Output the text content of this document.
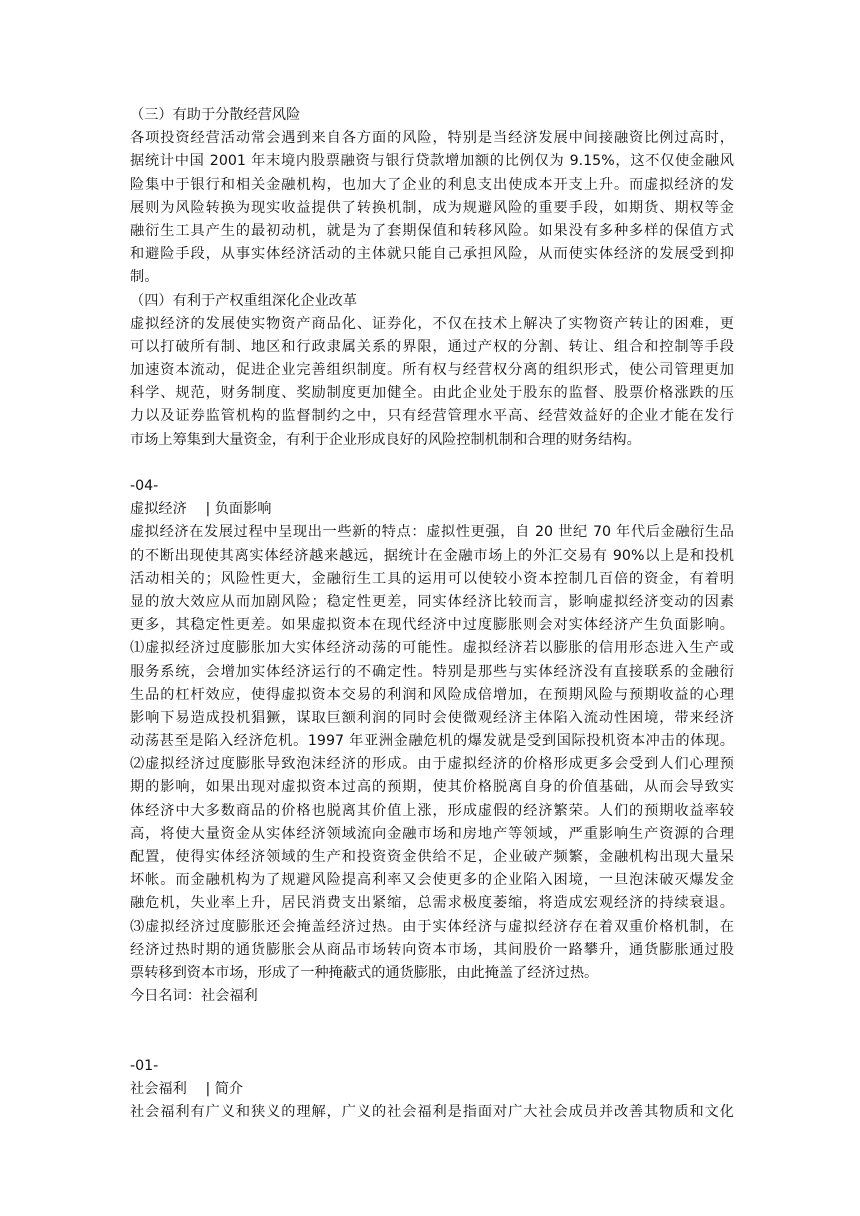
（三）有助于分散经营风险
各项投资经营活动常会遇到来自各方面的风险，特别是当经济发展中间接融资比例过高时，
据统计中国 2001 年末境内股票融资与银行贷款增加额的比例仅为 9.15%，这不仅使金融风
险集中于银行和相关金融机构，也加大了企业的利息支出使成本开支上升。而虚拟经济的发
展则为风险转换为现实收益提供了转换机制，成为规避风险的重要手段，如期货、期权等金
融衍生工具产生的最初动机，就是为了套期保值和转移风险。如果没有多种多样的保值方式
和避险手段，从事实体经济活动的主体就只能自己承担风险，从而使实体经济的发展受到抑
制。
（四）有利于产权重组深化企业改革
虚拟经济的发展使实物资产商品化、证券化，不仅在技术上解决了实物资产转让的困难，更
可以打破所有制、地区和行政隶属关系的界限，通过产权的分割、转让、组合和控制等手段
加速资本流动，促进企业完善组织制度。所有权与经营权分离的组织形式，使公司管理更加
科学、规范，财务制度、奖励制度更加健全。由此企业处于股东的监督、股票价格涨跌的压
力以及证券监管机构的监督制约之中，只有经营管理水平高、经营效益好的企业才能在发行
市场上筹集到大量资金，有利于企业形成良好的风险控制机制和合理的财务结构。
-04-
虚拟经济　 | 负面影响
虚拟经济在发展过程中呈现出一些新的特点：虚拟性更强，自 20 世纪 70 年代后金融衍生品
的不断出现使其离实体经济越来越远，据统计在金融市场上的外汇交易有 90%以上是和投机
活动相关的；风险性更大，金融衍生工具的运用可以使较小资本控制几百倍的资金，有着明
显的放大效应从而加剧风险；稳定性更差，同实体经济比较而言，影响虚拟经济变动的因素
更多，其稳定性更差。如果虚拟资本在现代经济中过度膨胀则会对实体经济产生负面影响。
⑴虚拟经济过度膨胀加大实体经济动荡的可能性。虚拟经济若以膨胀的信用形态进入生产或
服务系统，会增加实体经济运行的不确定性。特别是那些与实体经济没有直接联系的金融衍
生品的杠杆效应，使得虚拟资本交易的利润和风险成倍增加，在预期风险与预期收益的心理
影响下易造成投机猖獗，谋取巨额利润的同时会使微观经济主体陷入流动性困境，带来经济
动荡甚至是陷入经济危机。1997 年亚洲金融危机的爆发就是受到国际投机资本冲击的体现。
⑵虚拟经济过度膨胀导致泡沫经济的形成。由于虚拟经济的价格形成更多会受到人们心理预
期的影响，如果出现对虚拟资本过高的预期，使其价格脱离自身的价值基础，从而会导致实
体经济中大多数商品的价格也脱离其价值上涨，形成虚假的经济繁荣。人们的预期收益率较
高，将使大量资金从实体经济领域流向金融市场和房地产等领域，严重影响生产资源的合理
配置，使得实体经济领域的生产和投资资金供给不足，企业破产频繁，金融机构出现大量呆
坏帐。而金融机构为了规避风险提高利率又会使更多的企业陷入困境，一旦泡沫破灭爆发金
融危机，失业率上升，居民消费支出紧缩，总需求极度萎缩，将造成宏观经济的持续衰退。
⑶虚拟经济过度膨胀还会掩盖经济过热。由于实体经济与虚拟经济存在着双重价格机制，在
经济过热时期的通货膨胀会从商品市场转向资本市场，其间股价一路攀升，通货膨胀通过股
票转移到资本市场，形成了一种掩蔽式的通货膨胀，由此掩盖了经济过热。
今日名词：社会福利
-01-
社会福利　 | 简介
社会福利有广义和狭义的理解，广义的社会福利是指面对广大社会成员并改善其物质和文化
